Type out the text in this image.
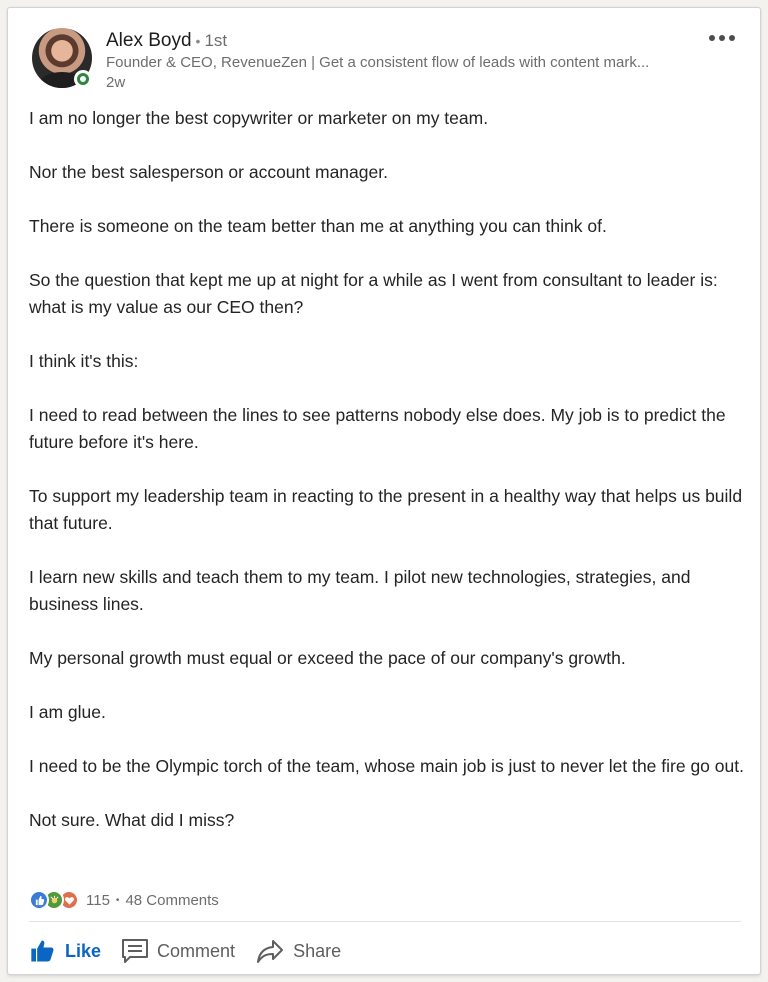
Alex Boyd • 1st
Founder & CEO, RevenueZen | Get a consistent flow of leads with content mark...
2w

I am no longer the best copywriter or marketer on my team.

Nor the best salesperson or account manager.

There is someone on the team better than me at anything you can think of.

So the question that kept me up at night for a while as I went from consultant to leader is: what is my value as our CEO then?

I think it's this:

I need to read between the lines to see patterns nobody else does. My job is to predict the future before it's here.

To support my leadership team in reacting to the present in a healthy way that helps us build that future.

I learn new skills and teach them to my team. I pilot new technologies, strategies, and business lines.

My personal growth must equal or exceed the pace of our company's growth.

I am glue.

I need to be the Olympic torch of the team, whose main job is just to never let the fire go out.

Not sure. What did I miss?

115 • 48 Comments
Like	Comment	Share
